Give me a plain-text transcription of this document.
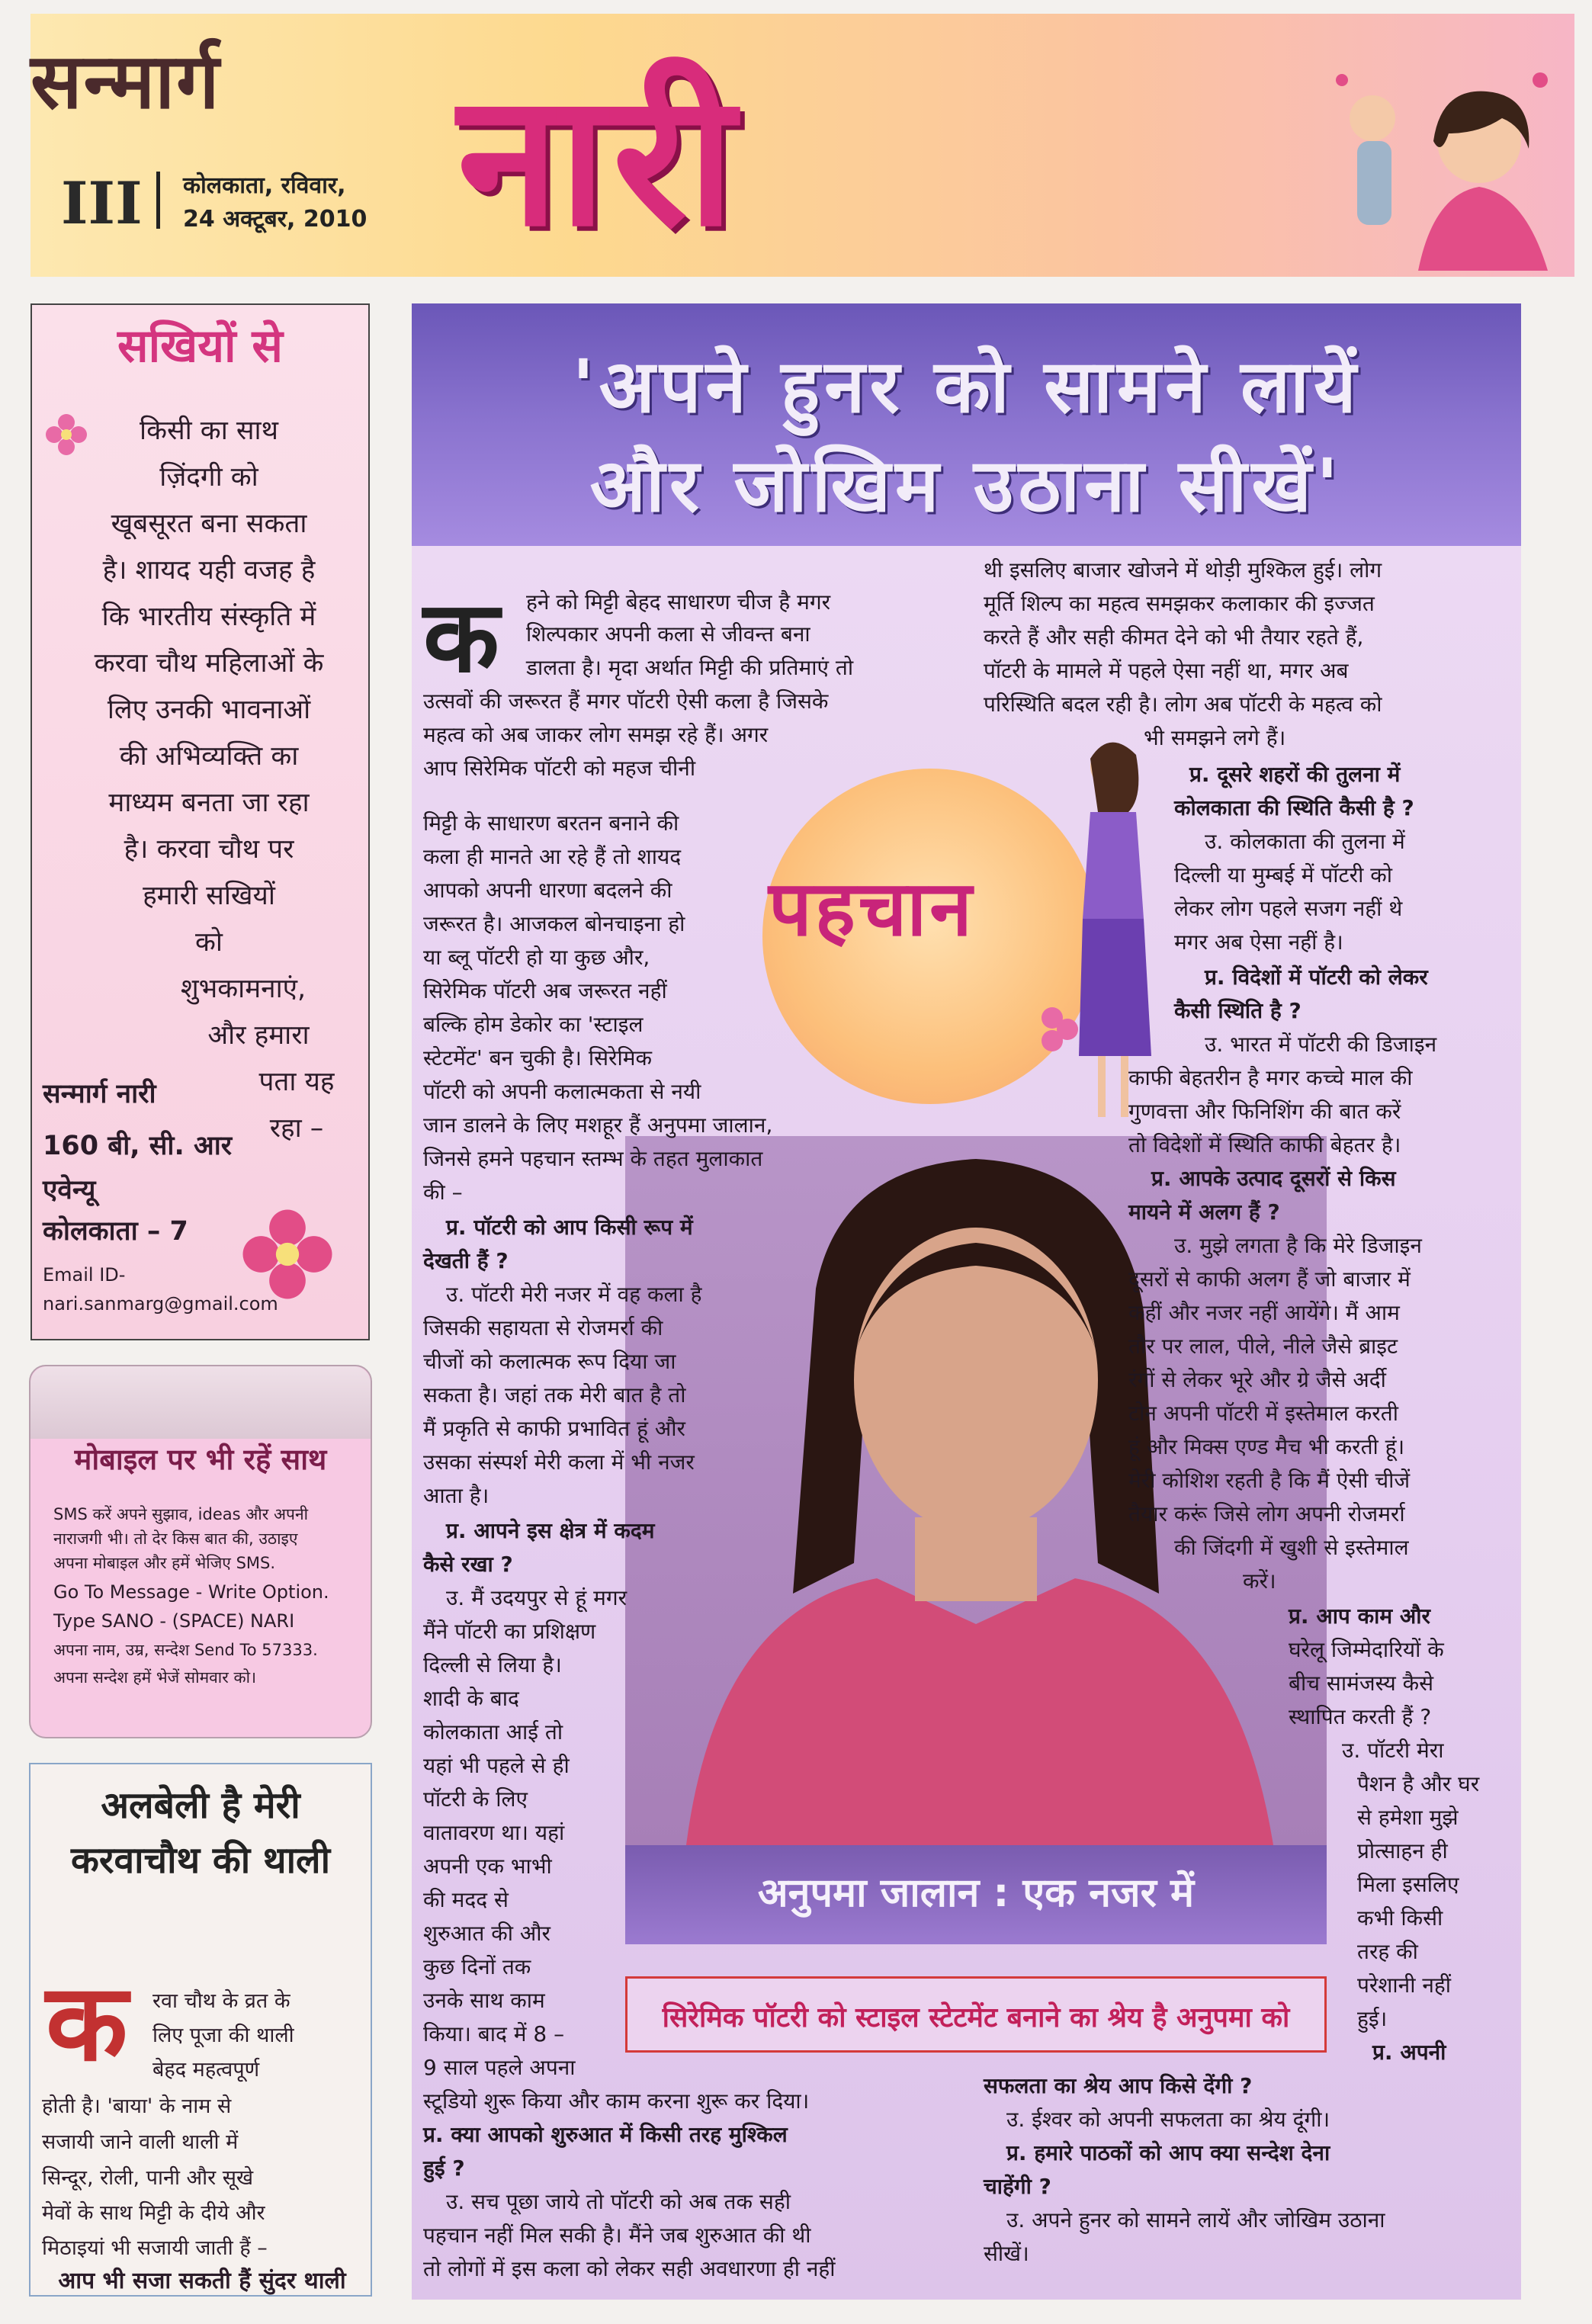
सन्मार्ग
III कोलकाता, रविवार,
24 अक्टूबर, 2010 नारी
सखियों से
किसी का साथ
ज़िंदगी को
खूबसूरत बना सकता
है। शायद यही वजह है
कि भारतीय संस्कृति में
करवा चौथ महिलाओं के
लिए उनकी भावनाओं
की अभिव्यक्ति का
माध्यम बनता जा रहा
है। करवा चौथ पर
हमारी सखियों
को
शुभकामनाएं,
और हमारा
पता यह
रहा –
सन्मार्ग नारी
160 बी, सी. आर
एवेन्यू
कोलकाता – 7
Email ID-
nari.sanmarg@gmail.com
मोबाइल पर भी रहें साथ
SMS करें अपने सुझाव, ideas और अपनी
नाराजगी भी। तो देर किस बात की, उठाइए
अपना मोबाइल और हमें भेजिए SMS.
Go To Message - Write Option.
Type SANO - (SPACE) NARI
अपना नाम, उम्र, सन्देश Send To 57333.
अपना सन्देश हमें भेजें सोमवार को।
अलबेली है मेरी
करवाचौथ की थाली
क रवा चौथ के व्रत के
लिए पूजा की थाली
बेहद महत्वपूर्ण
होती है। 'बाया' के नाम से
सजायी जाने वाली थाली में
सिन्दूर, रोली, पानी और सूखे
मेवों के साथ मिट्टी के दीये और
मिठाइयां भी सजायी जाती हैं –
आप भी सजा सकती हैं सुंदर थाली
'अपने हुनर को सामने लायें
और जोखिम उठाना सीखें'
पहचान
अनुपमा जालान : एक नजर में
सिरेमिक पॉटरी को स्टाइल स्टेटमेंट बनाने का श्रेय है अनुपमा को
क हने को मिट्टी बेहद साधारण चीज है मगर
शिल्पकार अपनी कला से जीवन्त बना
डालता है। मृदा अर्थात मिट्टी की प्रतिमाएं तो
उत्सवों की जरूरत हैं मगर पॉटरी ऐसी कला है जिसके
महत्व को अब जाकर लोग समझ रहे हैं। अगर
आप सिरेमिक पॉटरी को महज चीनी
मिट्टी के साधारण बरतन बनाने की
कला ही मानते आ रहे हैं तो शायद
आपको अपनी धारणा बदलने की
जरूरत है। आजकल बोनचाइना हो
या ब्लू पॉटरी हो या कुछ और,
सिरेमिक पॉटरी अब जरूरत नहीं
बल्कि होम डेकोर का 'स्टाइल
स्टेटमेंट' बन चुकी है। सिरेमिक
पॉटरी को अपनी कलात्मकता से नयी
जान डालने के लिए मशहूर हैं अनुपमा जालान,
जिनसे हमने पहचान स्तम्भ के तहत मुलाकात
की –
प्र. पॉटरी को आप किसी रूप में
देखती हैं ?
उ. पॉटरी मेरी नजर में वह कला है
जिसकी सहायता से रोजमर्रा की
चीजों को कलात्मक रूप दिया जा
सकता है। जहां तक मेरी बात है तो
मैं प्रकृति से काफी प्रभावित हूं और
उसका संस्पर्श मेरी कला में भी नजर
आता है।
प्र. आपने इस क्षेत्र में कदम
कैसे रखा ?
उ. मैं उदयपुर से हूं मगर
मैंने पॉटरी का प्रशिक्षण
दिल्ली से लिया है।
शादी के बाद
कोलकाता आई तो
यहां भी पहले से ही
पॉटरी के लिए
वातावरण था। यहां
अपनी एक भाभी
की मदद से
शुरुआत की और
कुछ दिनों तक
उनके साथ काम
किया। बाद में 8 –
9 साल पहले अपना
स्टूडियो शुरू किया और काम करना शुरू कर दिया।
प्र. क्या आपको शुरुआत में किसी तरह मुश्किल
हुई ?
उ. सच पूछा जाये तो पॉटरी को अब तक सही
पहचान नहीं मिल सकी है। मैंने जब शुरुआत की थी
तो लोगों में इस कला को लेकर सही अवधारणा ही नहीं
थी इसलिए बाजार खोजने में थोड़ी मुश्किल हुई। लोग
मूर्ति शिल्प का महत्व समझकर कलाकार की इज्जत
करते हैं और सही कीमत देने को भी तैयार रहते हैं,
पॉटरी के मामले में पहले ऐसा नहीं था, मगर अब
परिस्थिति बदल रही है। लोग अब पॉटरी के महत्व को
भी समझने लगे हैं।
प्र. दूसरे शहरों की तुलना में
कोलकाता की स्थिति कैसी है ?
उ. कोलकाता की तुलना में
दिल्ली या मुम्बई में पॉटरी को
लेकर लोग पहले सजग नहीं थे
मगर अब ऐसा नहीं है।
प्र. विदेशों में पॉटरी को लेकर
कैसी स्थिति है ?
उ. भारत में पॉटरी की डिजाइन
काफी बेहतरीन है मगर कच्चे माल की
गुणवत्ता और फिनिशिंग की बात करें
तो विदेशों में स्थिति काफी बेहतर है।
प्र. आपके उत्पाद दूसरों से किस
मायने में अलग हैं ?
उ. मुझे लगता है कि मेरे डिजाइन
दूसरों से काफी अलग हैं जो बाजार में
कहीं और नजर नहीं आयेंगे। मैं आम
तौर पर लाल, पीले, नीले जैसे ब्राइट
रंगों से लेकर भूरे और ग्रे जैसे अर्दी
टोन अपनी पॉटरी में इस्तेमाल करती
हूं और मिक्स एण्ड मैच भी करती हूं।
मेरी कोशिश रहती है कि मैं ऐसी चीजें
तैयार करूं जिसे लोग अपनी रोजमर्रा
की जिंदगी में खुशी से इस्तेमाल
करें।
प्र. आप काम और
घरेलू जिम्मेदारियों के
बीच सामंजस्य कैसे
स्थापित करती हैं ?
उ. पॉटरी मेरा
पैशन है और घर
से हमेशा मुझे
प्रोत्साहन ही
मिला इसलिए
कभी किसी
तरह की
परेशानी नहीं
हुई।
प्र. अपनी
सफलता का श्रेय आप किसे देंगी ?
उ. ईश्वर को अपनी सफलता का श्रेय दूंगी।
प्र. हमारे पाठकों को आप क्या सन्देश देना
चाहेंगी ?
उ. अपने हुनर को सामने लायें और जोखिम उठाना
सीखें।
